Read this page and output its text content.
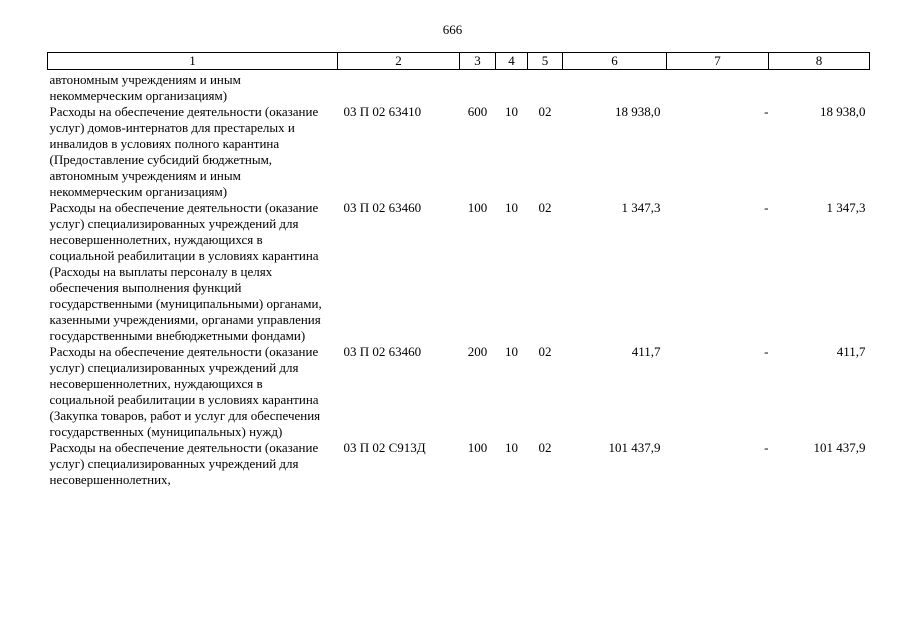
666
1	2	3	4	5	6	7	8
автономным учреждениям и иным некоммерческим организациям)							
Расходы на обеспечение деятельности (оказание услуг) домов-интернатов для престарелых и инвалидов в условиях полного карантина (Предоставление субсидий бюджетным, автономным учреждениям и иным некоммерческим организациям)	03 П 02 63410	600	10	02	18 938,0	-	18 938,0
Расходы на обеспечение деятельности (оказание услуг) специализированных учреждений для несовершеннолетних, нуждающихся в социальной реабилитации в условиях карантина (Расходы на выплаты персоналу в целях обеспечения выполнения функций государственными (муниципальными) органами, казенными учреждениями, органами управления государственными внебюджетными фондами)	03 П 02 63460	100	10	02	1 347,3	-	1 347,3
Расходы на обеспечение деятельности (оказание услуг) специализированных учреждений для несовершеннолетних, нуждающихся в социальной реабилитации в условиях карантина (Закупка товаров, работ и услуг для обеспечения государственных (муниципальных) нужд)	03 П 02 63460	200	10	02	411,7	-	411,7
Расходы на обеспечение деятельности (оказание услуг) специализированных учреждений для несовершеннолетних,	03 П 02 С913Д	100	10	02	101 437,9	-	101 437,9
